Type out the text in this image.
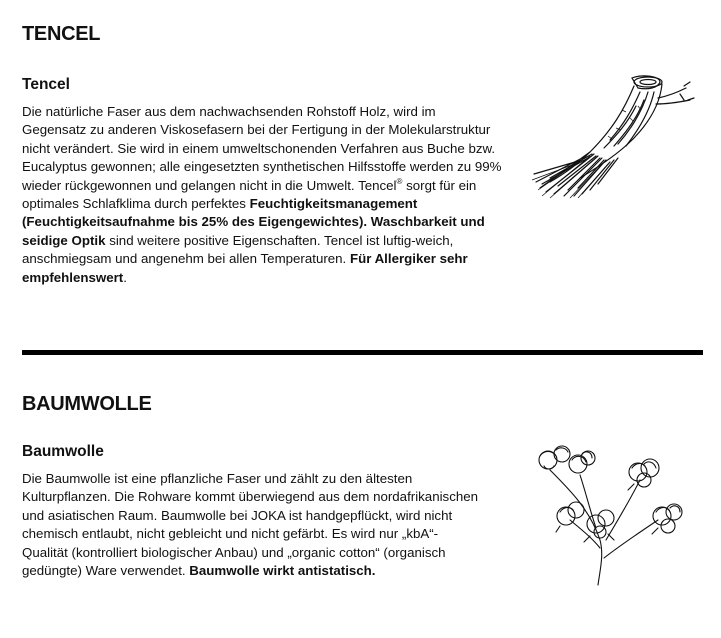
TENCEL
Tencel

Die natürliche Faser aus dem nachwachsenden Rohstoff Holz, wird im Gegensatz zu anderen Viskosefasern bei der Fertigung in der Molekularstruktur nicht verändert. Sie wird in einem umweltschonenden Verfahren aus Buche bzw. Eucalyptus gewonnen; alle eingesetzten synthetischen Hilfsstoffe werden zu 99% wieder rückgewonnen und gelangen nicht in die Umwelt. Tencel® sorgt für ein optimales Schlafklima durch perfektes Feuchtigkeitsmanagement (Feuchtigkeitsaufnahme bis 25% des Eigengewichtes). Waschbarkeit und seidige Optik sind weitere positive Eigenschaften. Tencel ist luftig-weich, anschmiegsam und angenehm bei allen Temperaturen. Für Allergiker sehr empfehlenswert.

BAUMWOLLE
Baumwolle

Die Baumwolle ist eine pflanzliche Faser und zählt zu den ältesten Kulturpflanzen. Die Rohware kommt überwiegend aus dem nordafrikanischen und asiatischen Raum. Baumwolle bei JOKA ist handgepflückt, wird nicht chemisch entlaubt, nicht gebleicht und nicht gefärbt. Es wird nur „kbA“-Qualität (kontrolliert biologischer Anbau) und „organic cotton“ (organisch gedüngte) Ware verwendet. Baumwolle wirkt antistatisch.
